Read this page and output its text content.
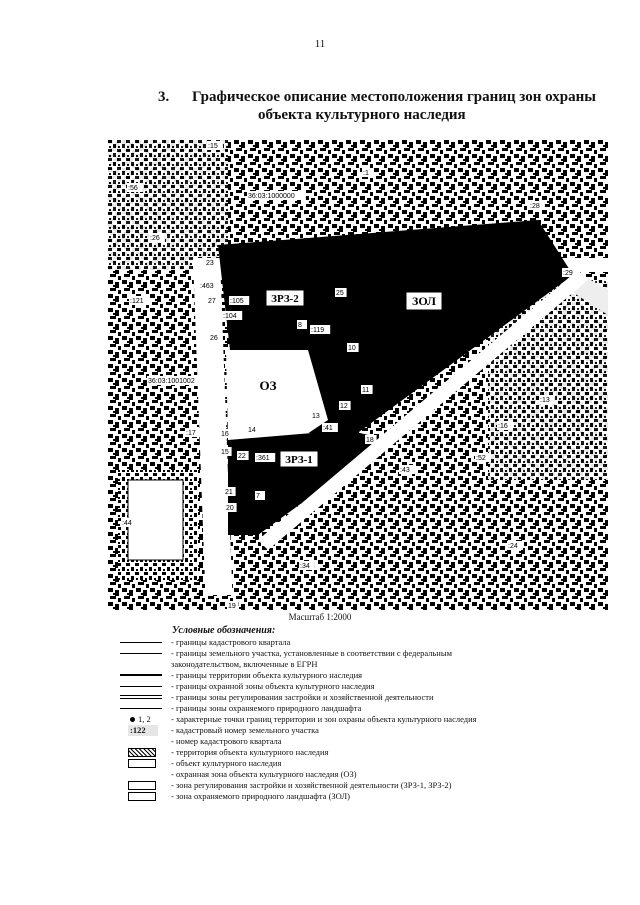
11
3. Графическое описание местоположения границ зон охраны
объекта культурного наследия
ЗРЗ-2	ЗОЛ
ОЗ
ЗРЗ-1
:15
:1
:56
:28
:26
23
:29
:463
:121	27 :105
:104
25
:119
8
26
10
11
12
13
14
16
15
22 :361
21
20
19
18
7
:41
:17
:43
:52
:16
:13
:24
:34
:44
36:03:1000000
36:03:1001002
Масштаб 1:2000
Условные обозначения:
- границы кадастрового квартала
- границы земельного участка, установленные в соответствии с федеральным законодательством, включенные в ЕГРН
- границы территории объекта культурного наследия
- границы охранной зоны объекта культурного наследия
- границы зоны регулирования застройки и хозяйственной деятельности
- границы зоны охраняемого природного ландшафта
1, 2 - характерные точки границ территории и зон охраны объекта культурного наследия
:122	- кадастровый номер земельного участка
- номер кадастрового квартала
- территория объекта культурного наследия
- объект культурного наследия
- охранная зона объекта культурного наследия (ОЗ)
- зона регулирования застройки и хозяйственной деятельности (ЗРЗ-1, ЗРЗ-2)
- зона охраняемого природного ландшафта (ЗОЛ)
